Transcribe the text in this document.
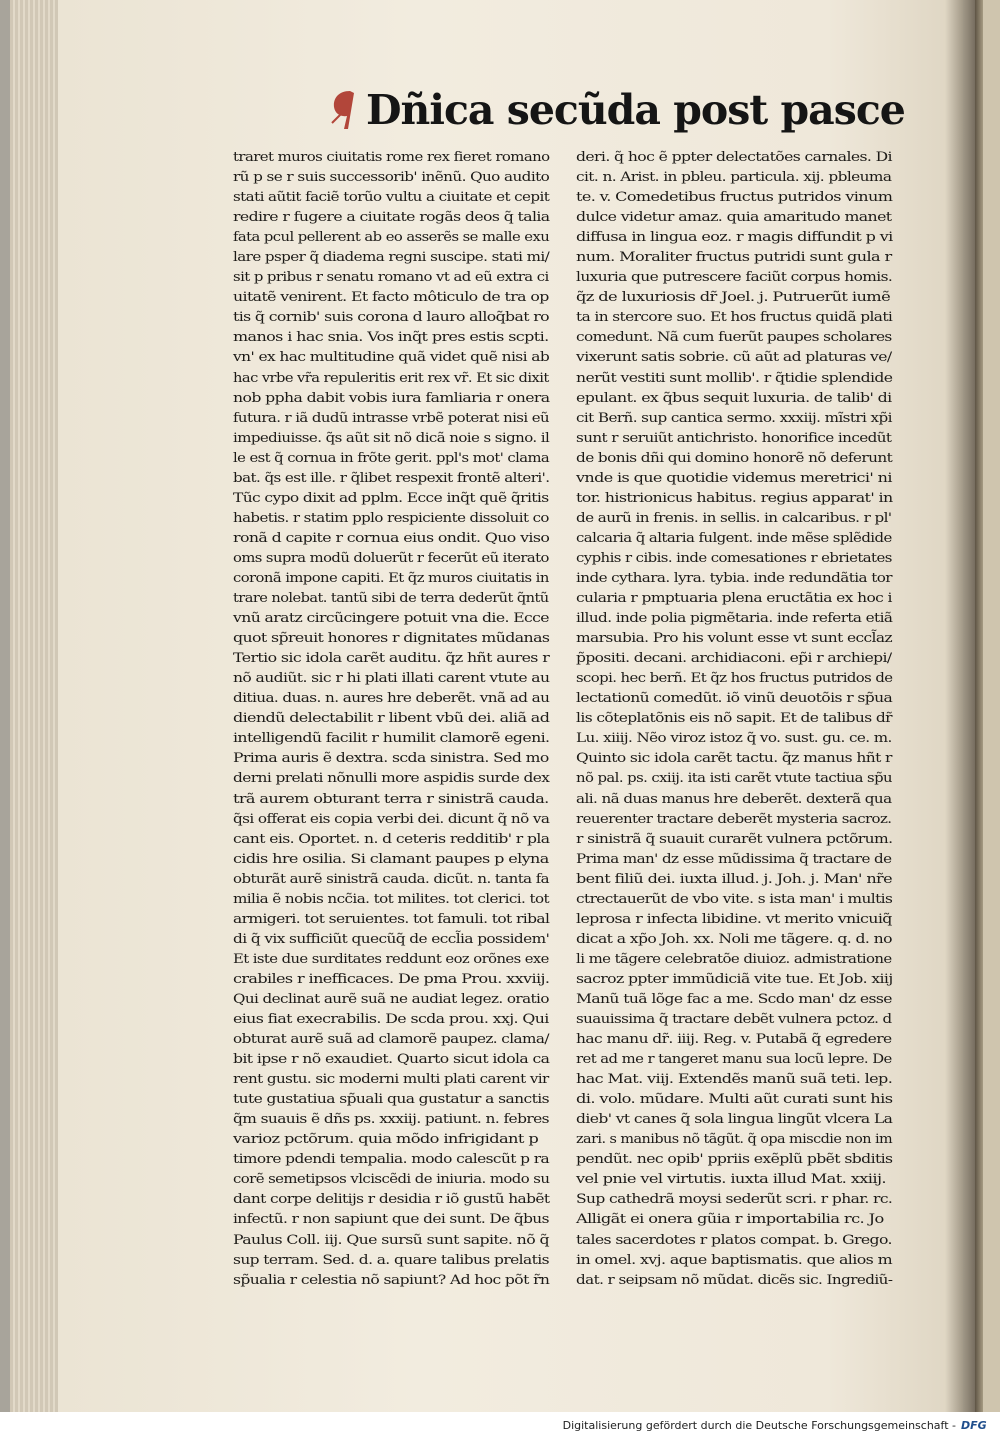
Dñica secũda post pasce
traret muros ciuitatis rome rex fieret romano
rũ p se r suis successorib' inẽnũ. Quo audito
stati aũtit faciẽ torũo vultu a ciuitate et cepit
redire r fugere a ciuitate rogãs deos q̃ talia
fata pcul pellerent ab eo asserẽs se malle exu
lare psper q̃ diadema regni suscipe. stati mi/
sit p pribus r senatu romano vt ad eũ extra ci
uitatẽ venirent. Et facto môticulo de tra op
tis q̃ cornib' suis corona d lauro alloq̃bat ro
manos i hac snia. Vos inq̃t pres estis scpti.
vn' ex hac multitudine quã videt quẽ nisi ab
hac vrbe vr̃a repuleritis erit rex vr̃. Et sic dixit
nob ppha dabit vobis iura famliaria r onera
futura. r iã dudũ intrasse vrbẽ poterat nisi eũ
impediuisse. q̃s aũt sit nõ dicã noie s signo. il
le est q̃ cornua in frõte gerit. ppl's mot' clama
bat. q̃s est ille. r q̃libet respexit frontẽ alteri'.
Tũc cypo dixit ad pplm. Ecce inq̃t quẽ q̃ritis
habetis. r statim pplo respiciente dissoluit co
ronã d capite r cornua eius ondit. Quo viso
oms supra modũ doluerũt r fecerũt eũ iterato
coronã impone capiti. Et q̃z muros ciuitatis in
trare nolebat. tantũ sibi de terra dederũt q̃ntũ
vnũ aratz circũcingere potuit vna die. Ecce
quot sp̃reuit honores r dignitates mũdanas
Tertio sic idola carẽt auditu. q̃z hñt aures r
nõ audiũt. sic r hi plati illati carent vtute au
ditiua. duas. n. aures hre deberẽt. vnã ad au
diendũ delectabilit r libent vbũ dei. aliã ad
intelligendũ facilit r humilit clamorẽ egeni.
Prima auris ẽ dextra. scda sinistra. Sed mo
derni prelati nõnulli more aspidis surde dex
trã aurem obturant terra r sinistrã cauda.
q̃si offerat eis copia verbi dei. dicunt q̃ nõ va
cant eis. Oportet. n. d ceteris redditib' r pla
cidis hre osilia. Si clamant paupes p elyna
obturãt aurẽ sinistrã cauda. dicũt. n. tanta fa
milia ẽ nobis ncc̃ia. tot milites. tot clerici. tot
armigeri. tot seruientes. tot famuli. tot ribal
di q̃ vix sufficiũt quecũq̃ de eccl̃ia possidem'
Et iste due surditates reddunt eoz orõnes exe
crabiles r inefficaces. De pma Prou. xxviij.
Qui declinat aurẽ suã ne audiat legez. oratio
eius fiat execrabilis. De scda prou. xxj. Qui
obturat aurẽ suã ad clamorẽ paupez. clama/
bit ipse r nõ exaudiet. Quarto sicut idola ca
rent gustu. sic moderni multi plati carent vir
tute gustatiua sp̃uali qua gustatur a sanctis
q̃m suauis ẽ dñs ps. xxxiij. patiunt. n. febres
varioz pctõrum. quia mõdo infrigidant p
timore pdendi tempalia. modo calescũt p ra
corẽ semetipsos vlciscẽdi de iniuria. modo su
dant corpe delitijs r desidia r iõ gustũ habẽt
infectũ. r non sapiunt que dei sunt. De q̃bus
Paulus Coll. iij. Que sursũ sunt sapite. nõ q̃
sup terram. Sed. d. a. quare talibus prelatis
sp̃ualia r celestia nõ sapiunt? Ad hoc põt r̃n
deri. q̃ hoc ẽ ppter delectatões carnales. Di
cit. n. Arist. in pbleu. particula. xij. pbleuma
te. v. Comedetibus fructus putridos vinum
dulce videtur amaz. quia amaritudo manet
diffusa in lingua eoz. r magis diffundit p vi
num. Moraliter fructus putridi sunt gula r
luxuria que putrescere faciũt corpus homis.
q̃z de luxuriosis dr̃ Joel. j. Putruerũt iumẽ
ta in stercore suo. Et hos fructus quidã plati
comedunt. Nã cum fuerũt paupes scholares
vixerunt satis sobrie. cũ aũt ad platuras ve/
nerũt vestiti sunt mollib'. r q̃tidie splendide
epulant. ex q̃bus sequit luxuria. de talib' di
cit Berñ. sup cantica sermo. xxxiij. mĩstri xp̃i
sunt r seruiũt antichristo. honorifice incedũt
de bonis dñi qui domino honorẽ nõ deferunt
vnde is que quotidie videmus meretrici' ni
tor. histrionicus habitus. regius apparat' in
de aurũ in frenis. in sellis. in calcaribus. r pl'
calcaria q̃ altaria fulgent. inde mẽse splẽdide
cyphis r cibis. inde comesationes r ebrietates
inde cythara. lyra. tybia. inde redundãtia tor
cularia r pmptuaria plena eructãtia ex hoc i
illud. inde polia pigmẽtaria. inde referta etiã
marsubia. Pro his volunt esse vt sunt eccl̃az
p̃positi. decani. archidiaconi. ep̃i r archiepi/
scopi. hec berñ. Et q̃z hos fructus putridos de
lectationũ comedũt. iõ vinũ deuotõis r sp̃ua
lis cõteplatõnis eis nõ sapit. Et de talibus dr̃
Lu. xiiij. Nẽo viroz istoz q̃ vo. sust. gu. ce. m.
Quinto sic idola carẽt tactu. q̃z manus hñt r
nõ pal. ps. cxiij. ita isti carẽt vtute tactiua sp̃u
ali. nã duas manus hre deberẽt. dexterã qua
reuerenter tractare deberẽt mysteria sacroz.
r sinistrã q̃ suauit curarẽt vulnera pctõrum.
Prima man' dz esse mũdissima q̃ tractare de
bent filiũ dei. iuxta illud. j. Joh. j. Man' nr̃e
ctrectauerũt de vbo vite. s ista man' i multis
leprosa r infecta libidine. vt merito vnicuiq̃
dicat a xp̃o Joh. xx. Noli me tãgere. q. d. no
li me tãgere celebratõe diuioz. admistratione
sacroz ppter immũdiciã vite tue. Et Job. xiij
Manũ tuã lõge fac a me. Scdo man' dz esse
suauissima q̃ tractare debẽt vulnera pctoz. d
hac manu dr̃. iiij. Reg. v. Putabã q̃ egredere
ret ad me r tangeret manu sua locũ lepre. De
hac Mat. viij. Extendẽs manũ suã teti. lep.
di. volo. mũdare. Multi aũt curati sunt his
dieb' vt canes q̃ sola lingua lingũt vlcera La
zari. s manibus nõ tãgũt. q̃ opa miscdie non im
pendũt. nec opib' ppriis exẽplũ pbẽt sbditis
vel pnie vel virtutis. iuxta illud Mat. xxiij.
Sup cathedrã moysi sederũt scri. r phar. rc.
Alligãt ei onera gũia r importabilia rc. Jo
tales sacerdotes r platos compat. b. Grego.
in omel. xvj. aque baptismatis. que alios m
dat. r seipsam nõ mũdat. dicẽs sic. Ingrediũ-
Digitalisierung gefördert durch die Deutsche Forschungsgemeinschaft - DFG
